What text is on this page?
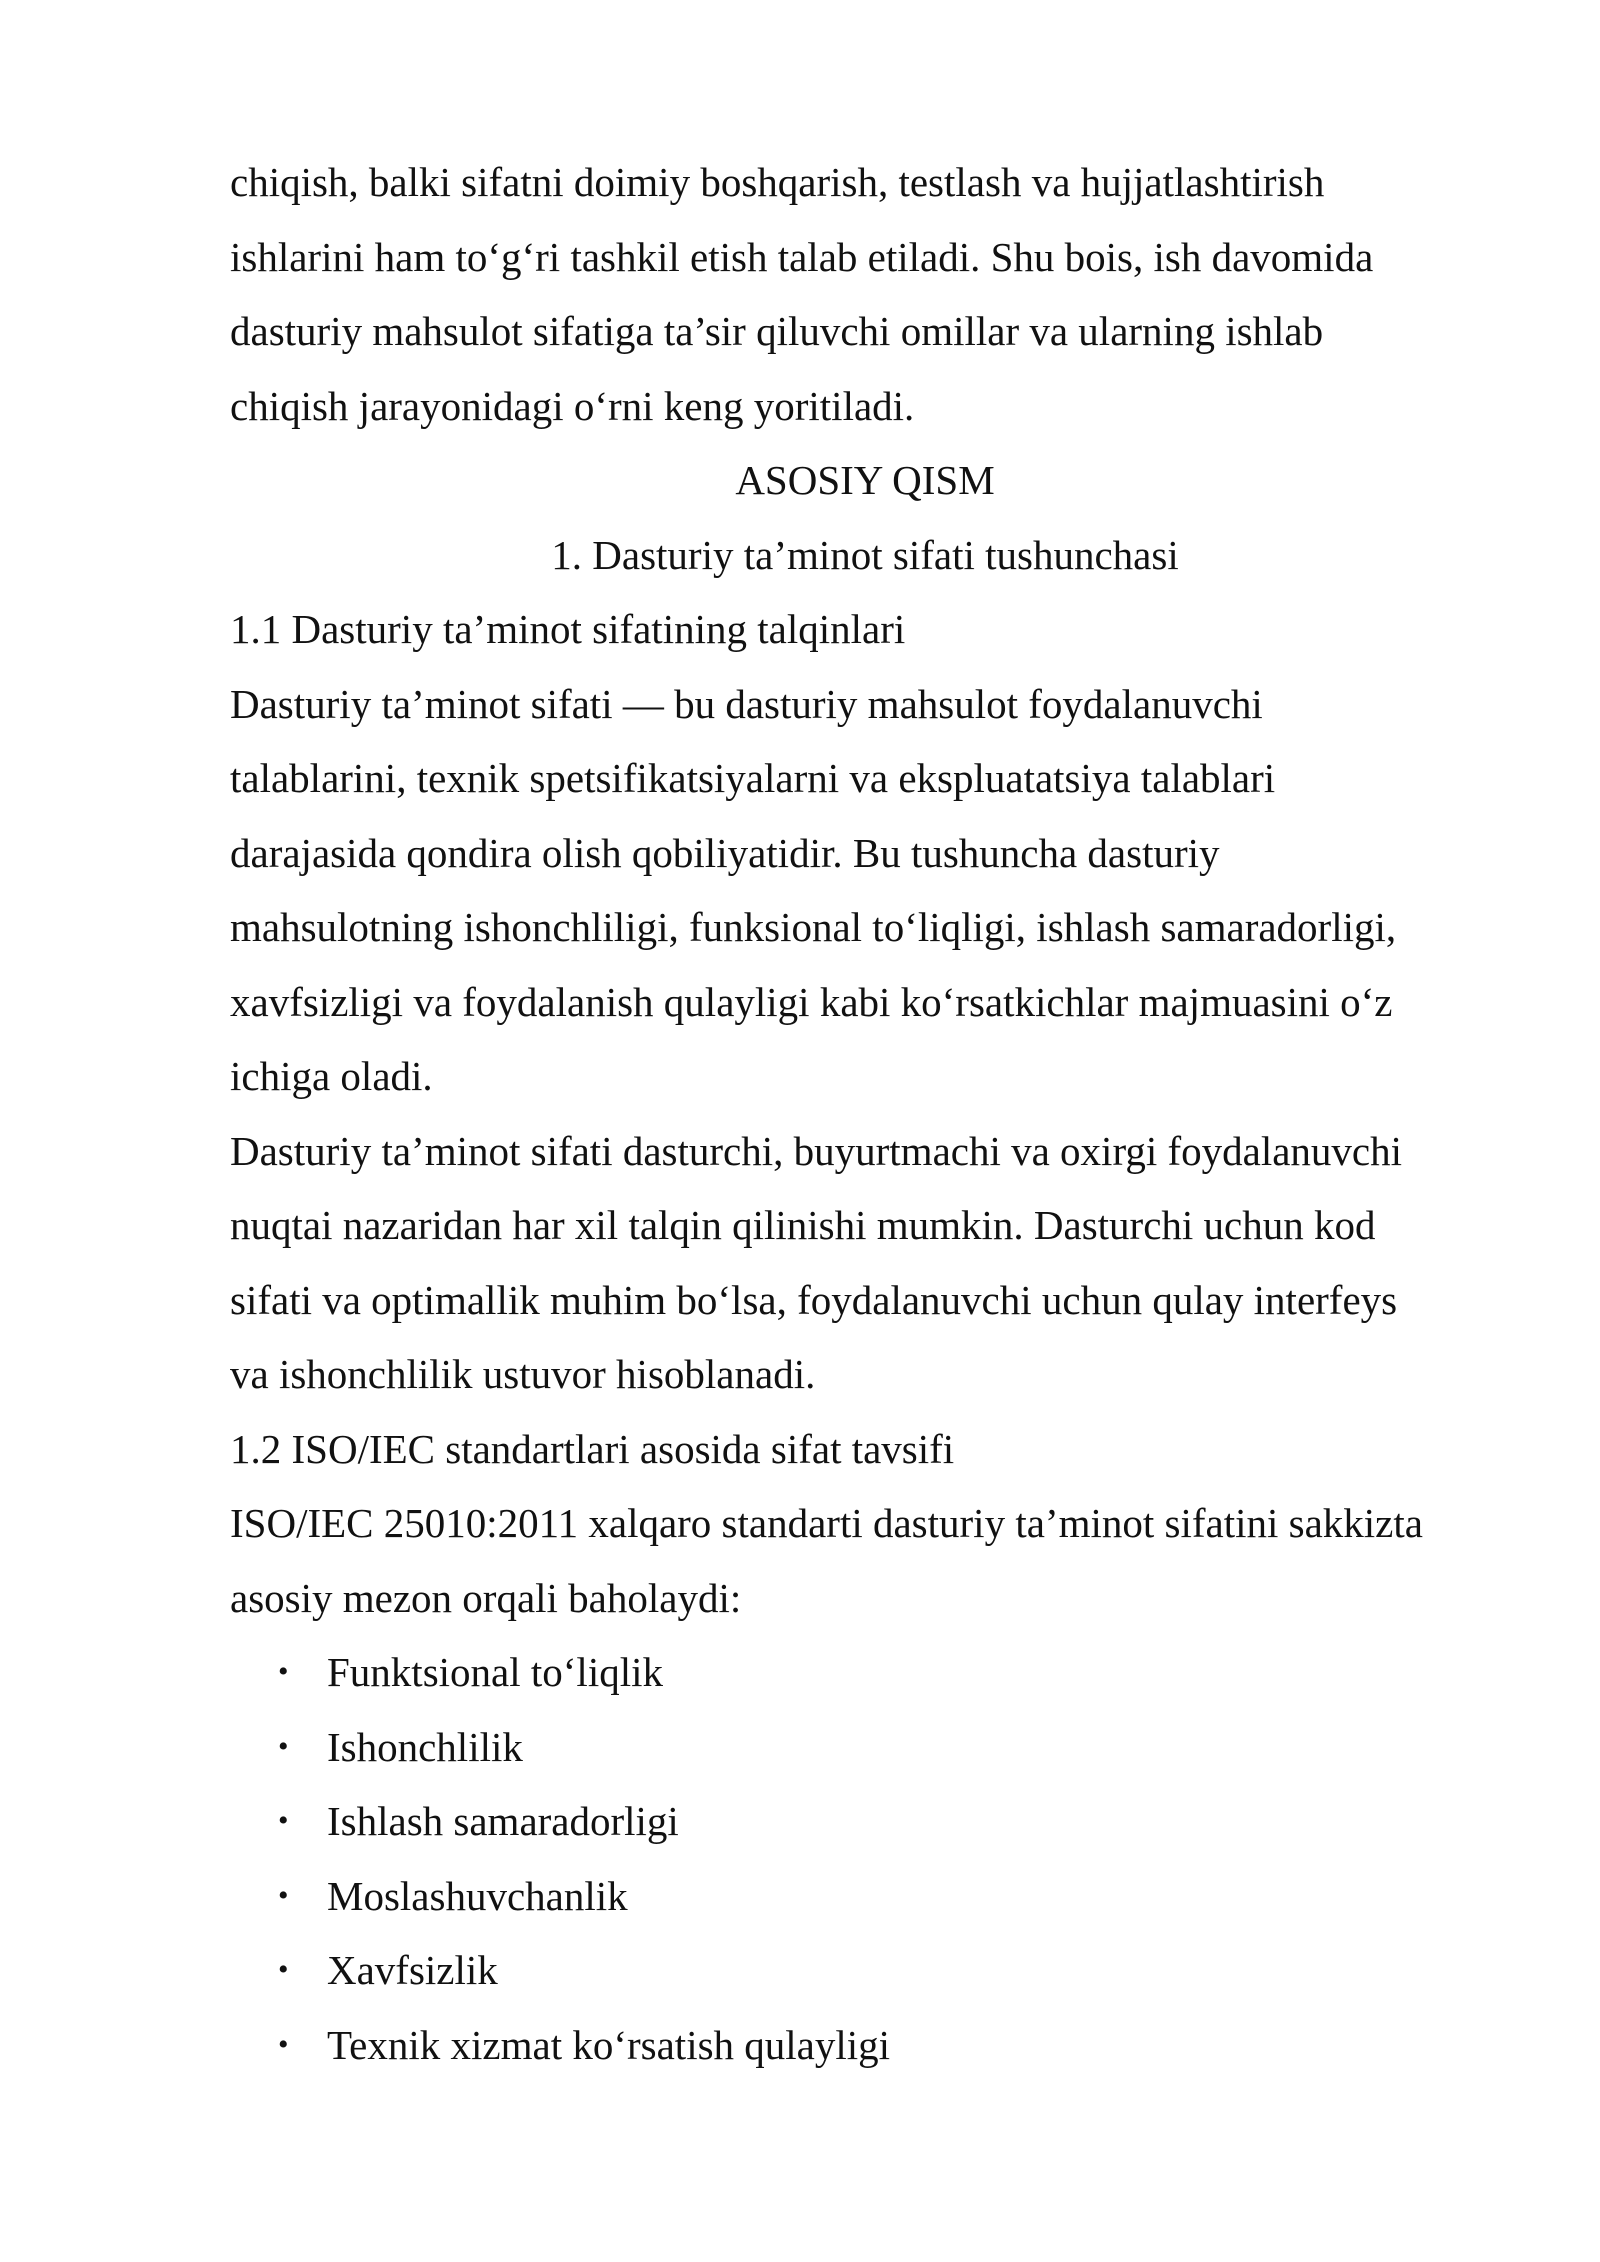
chiqish, balki sifatni doimiy boshqarish, testlash va hujjatlashtirish
ishlarini ham to‘g‘ri tashkil etish talab etiladi. Shu bois, ish davomida
dasturiy mahsulot sifatiga ta’sir qiluvchi omillar va ularning ishlab
chiqish jarayonidagi o‘rni keng yoritiladi.
ASOSIY QISM
1. Dasturiy ta’minot sifati tushunchasi
1.1 Dasturiy ta’minot sifatining talqinlari
Dasturiy ta’minot sifati — bu dasturiy mahsulot foydalanuvchi
talablarini, texnik spetsifikatsiyalarni va ekspluatatsiya talablari
darajasida qondira olish qobiliyatidir. Bu tushuncha dasturiy
mahsulotning ishonchliligi, funksional to‘liqligi, ishlash samaradorligi,
xavfsizligi va foydalanish qulayligi kabi ko‘rsatkichlar majmuasini o‘z
ichiga oladi.
Dasturiy ta’minot sifati dasturchi, buyurtmachi va oxirgi foydalanuvchi
nuqtai nazaridan har xil talqin qilinishi mumkin. Dasturchi uchun kod
sifati va optimallik muhim bo‘lsa, foydalanuvchi uchun qulay interfeys
va ishonchlilik ustuvor hisoblanadi.
1.2 ISO/IEC standartlari asosida sifat tavsifi
ISO/IEC 25010:2011 xalqaro standarti dasturiy ta’minot sifatini sakkizta
asosiy mezon orqali baholaydi:
• Funktsional to‘liqlik
• Ishonchlilik
• Ishlash samaradorligi
• Moslashuvchanlik
• Xavfsizlik
• Texnik xizmat ko‘rsatish qulayligi
